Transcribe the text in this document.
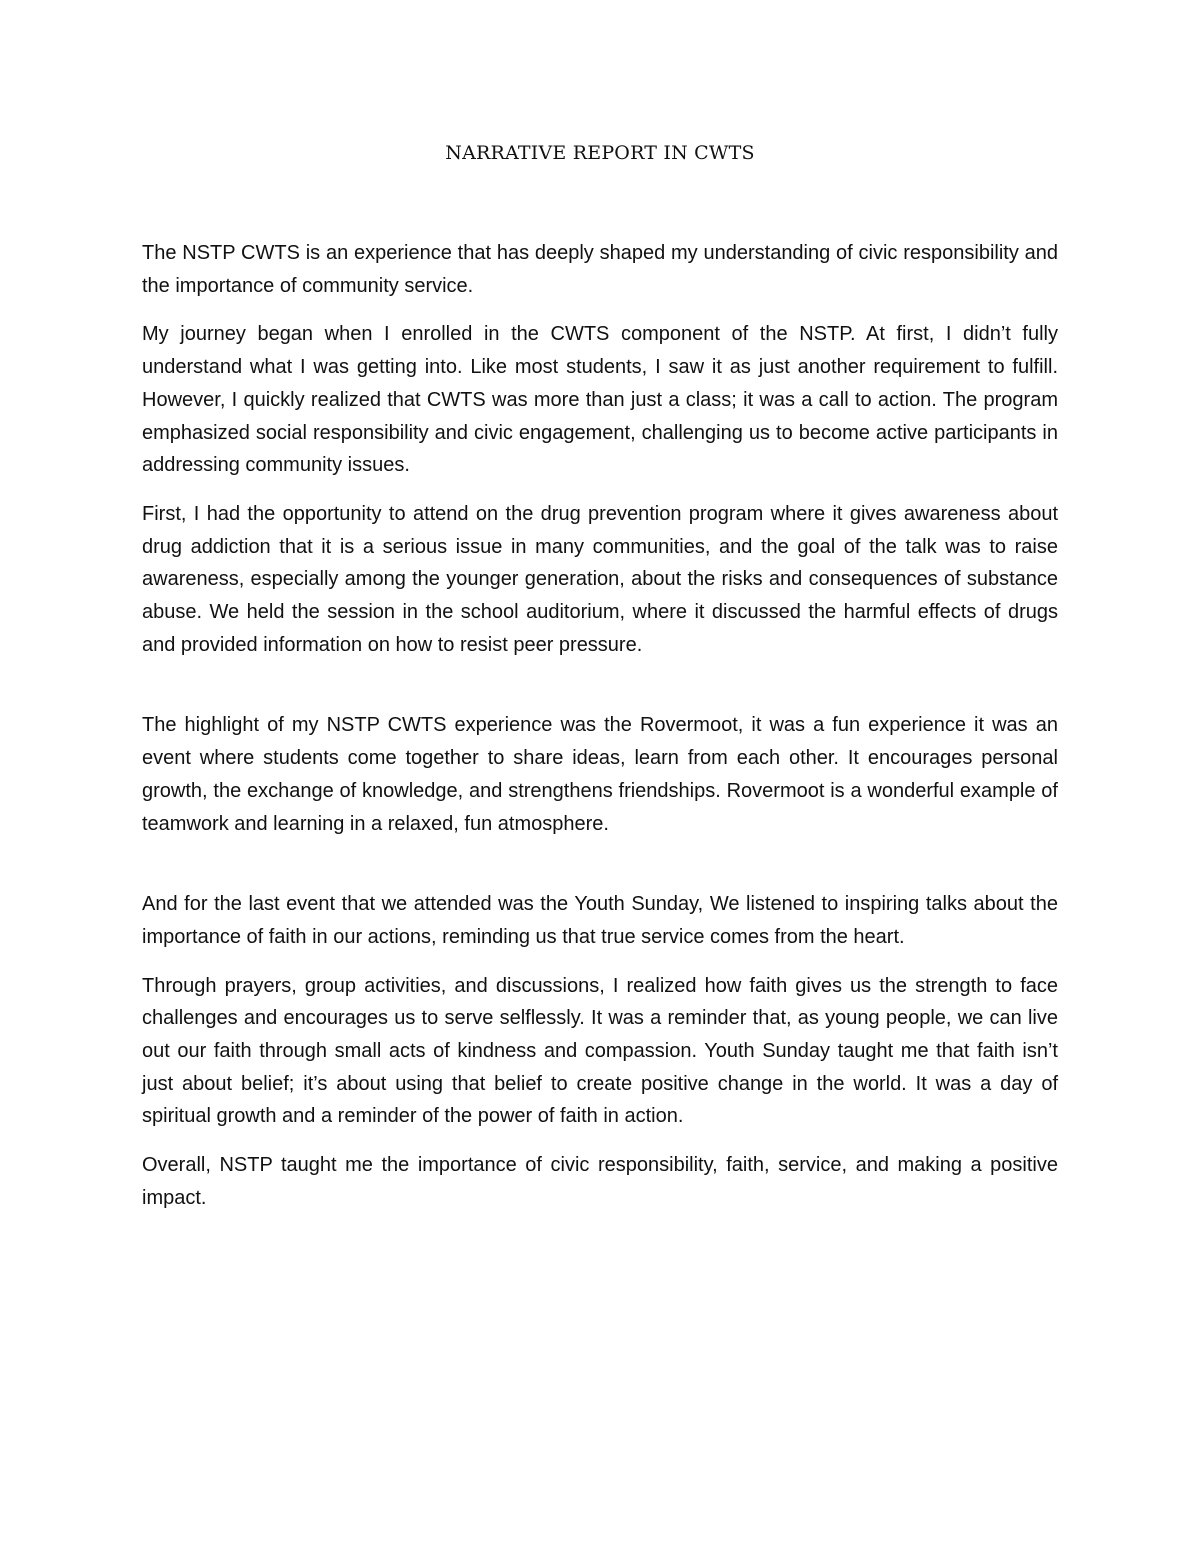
NARRATIVE REPORT IN CWTS

The NSTP CWTS is an experience that has deeply shaped my understanding of civic responsibility and the importance of community service.

My journey began when I enrolled in the CWTS component of the NSTP. At first, I didn’t fully understand what I was getting into. Like most students, I saw it as just another requirement to fulfill. However, I quickly realized that CWTS was more than just a class; it was a call to action. The program emphasized social responsibility and civic engagement, challenging us to become active participants in addressing community issues.

First, I had the opportunity to attend on the drug prevention program where it gives awareness about drug addiction that it is a serious issue in many communities, and the goal of the talk was to raise awareness, especially among the younger generation, about the risks and consequences of substance abuse. We held the session in the school auditorium, where it discussed the harmful effects of drugs and provided information on how to resist peer pressure.

The highlight of my NSTP CWTS experience was the Rovermoot, it was a fun experience it was an event where students come together to share ideas, learn from each other. It encourages personal growth, the exchange of knowledge, and strengthens friendships. Rovermoot is a wonderful example of teamwork and learning in a relaxed, fun atmosphere.

And for the last event that we attended was the Youth Sunday, We listened to inspiring talks about the importance of faith in our actions, reminding us that true service comes from the heart.

Through prayers, group activities, and discussions, I realized how faith gives us the strength to face challenges and encourages us to serve selflessly. It was a reminder that, as young people, we can live out our faith through small acts of kindness and compassion. Youth Sunday taught me that faith isn’t just about belief; it’s about using that belief to create positive change in the world. It was a day of spiritual growth and a reminder of the power of faith in action.

Overall, NSTP taught me the importance of civic responsibility, faith, service, and making a positive impact.
